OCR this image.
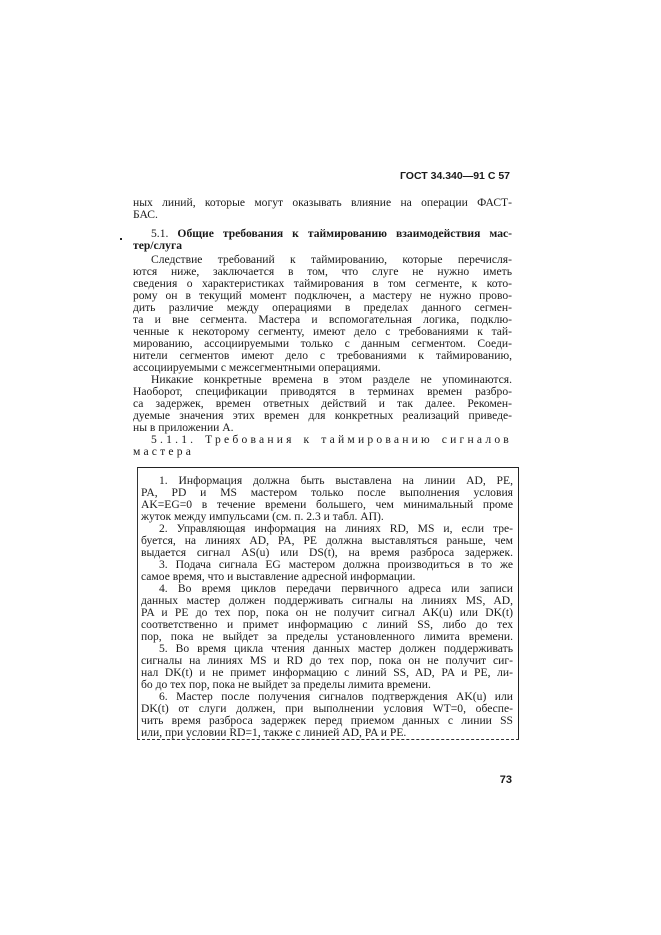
ГОСТ 34.340—91 С 57
ных линий, которые могут оказывать влияние на операции ФАСТ-
БАС.
5.1. Общие требования к таймированию взаимодействия мас-
тер/слуга
Следствие требований к таймированию, которые перечисля-
ются ниже, заключается в том, что слуге не нужно иметь
сведения о характеристиках таймирования в том сегменте, к кото-
рому он в текущий момент подключен, а мастеру не нужно прово-
дить различие между операциями в пределах данного сегмен-
та и вне сегмента. Мастера и вспомогательная логика, подклю-
ченные к некоторому сегменту, имеют дело с требованиями к тай-
мированию, ассоциируемыми только с данным сегментом. Соеди-
нители сегментов имеют дело с требованиями к таймированию,
ассоциируемыми с межсегментными операциями.
Никакие конкретные времена в этом разделе не упоминаются.
Наоборот, спецификации приводятся в терминах времен разбро-
са задержек, времен ответных действий и так далее. Рекомен-
дуемые значения этих времен для конкретных реализаций приведе-
ны в приложении А.
5.1.1. Требования к таймированию сигналов
мастера
1. Информация должна быть выставлена на линии AD, PE,
PA, PD и MS мастером только после выполнения условия
AK=EG=0 в течение времени большего, чем минимальный проме
жуток между импульсами (см. п. 2.3 и табл. АП).
2. Управляющая информация на линиях RD, MS и, если тре-
буется, на линиях AD, PA, PE должна выставляться раньше, чем
выдается сигнал AS(u) или DS(t), на время разброса задержек.
3. Подача сигнала EG мастером должна производиться в то же
самое время, что и выставление адресной информации.
4. Во время циклов передачи первичного адреса или записи
данных мастер должен поддерживать сигналы на линиях MS, AD,
PA и PE до тех пор, пока он не получит сигнал AK(u) или DK(t)
соответственно и примет информацию с линий SS, либо до тех
пор, пока не выйдет за пределы установленного лимита времени.
5. Во время цикла чтения данных мастер должен поддерживать
сигналы на линиях MS и RD до тех пор, пока он не получит сиг-
нал DK(t) и не примет информацию с линий SS, AD, PA и PE, ли-
бо до тех пор, пока не выйдет за пределы лимита времени.
6. Мастер после получения сигналов подтверждения AK(u) или
DK(t) от слуги должен, при выполнении условия WT=0, обеспе-
чить время разброса задержек перед приемом данных с линии SS
или, при условии RD=1, также с линией AD, PA и PE.
73
